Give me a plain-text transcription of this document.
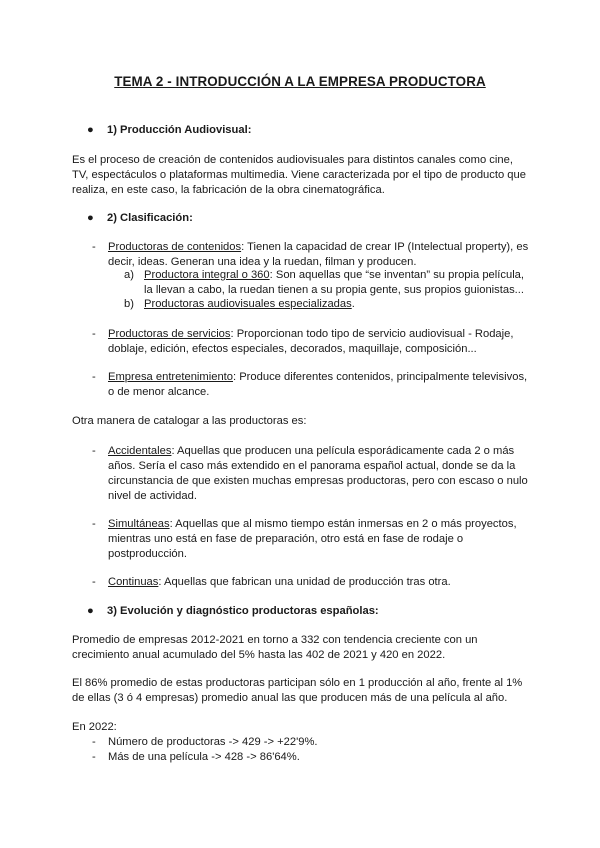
TEMA 2 - INTRODUCCIÓN A LA EMPRESA PRODUCTORA
● 1) Producción Audiovisual:

Es el proceso de creación de contenidos audiovisuales para distintos canales como cine,

TV, espectáculos o plataformas multimedia. Viene caracterizada por el tipo de producto que

realiza, en este caso, la fabricación de la obra cinematográfica.

● 2) Clasificación:
- Productoras de contenidos: Tienen la capacidad de crear IP (Intelectual property), es

decir, ideas. Generan una idea y la ruedan, filman y producen.

a) Productora integral o 360: Son aquellas que “se inventan” su propia película,

la llevan a cabo, la ruedan tienen a su propia gente, sus propios guionistas...

b) Productoras audiovisuales especializadas.

- Productoras de servicios: Proporcionan todo tipo de servicio audiovisual - Rodaje,

doblaje, edición, efectos especiales, decorados, maquillaje, composición...

- Empresa entretenimiento: Produce diferentes contenidos, principalmente televisivos,

o de menor alcance.

Otra manera de catalogar a las productoras es:

- Accidentales: Aquellas que producen una película esporádicamente cada 2 o más

años. Sería el caso más extendido en el panorama español actual, donde se da la

circunstancia de que existen muchas empresas productoras, pero con escaso o nulo

nivel de actividad.

- Simultáneas: Aquellas que al mismo tiempo están inmersas en 2 o más proyectos,

mientras uno está en fase de preparación, otro está en fase de rodaje o

postproducción.

- Continuas: Aquellas que fabrican una unidad de producción tras otra.

● 3) Evolución y diagnóstico productoras españolas:

Promedio de empresas 2012-2021 en torno a 332 con tendencia creciente con un

crecimiento anual acumulado del 5% hasta las 402 de 2021 y 420 en 2022.

El 86% promedio de estas productoras participan sólo en 1 producción al año, frente al 1%

de ellas (3 ó 4 empresas) promedio anual las que producen más de una película al año.

En 2022:

- Número de productoras -> 429 -> +22'9%.

- Más de una película -> 428 -> 86'64%.
